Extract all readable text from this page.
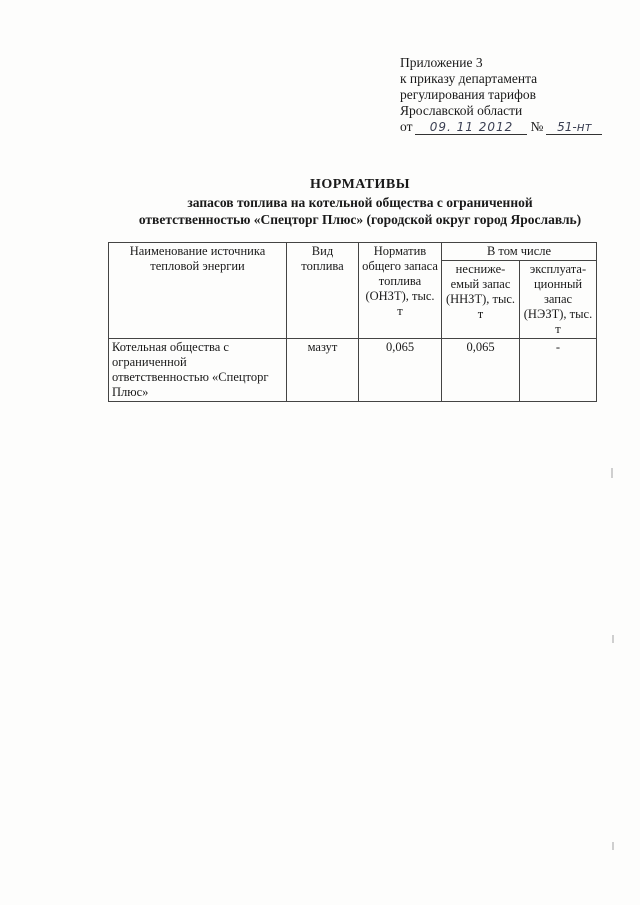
Приложение 3
к приказу департамента
регулирования тарифов
Ярославской области
от	09. 11 2012	№	51-нт
НОРМАТИВЫ
запасов топлива на котельной общества с ограниченной
ответственностью «Спецторг Плюс» (городской округ город Ярославль)
Наименование источника тепловой энергии	Вид топлива	Норматив общего запаса топлива (ОНЗТ), тыс. т	В том числе	
			несниже-емый запас (ННЗТ), тыс. т	эксплуата-ционный запас (НЭЗТ), тыс. т
Котельная общества с ограниченной ответственностью «Спецторг Плюс»	мазут	0,065	0,065	-
